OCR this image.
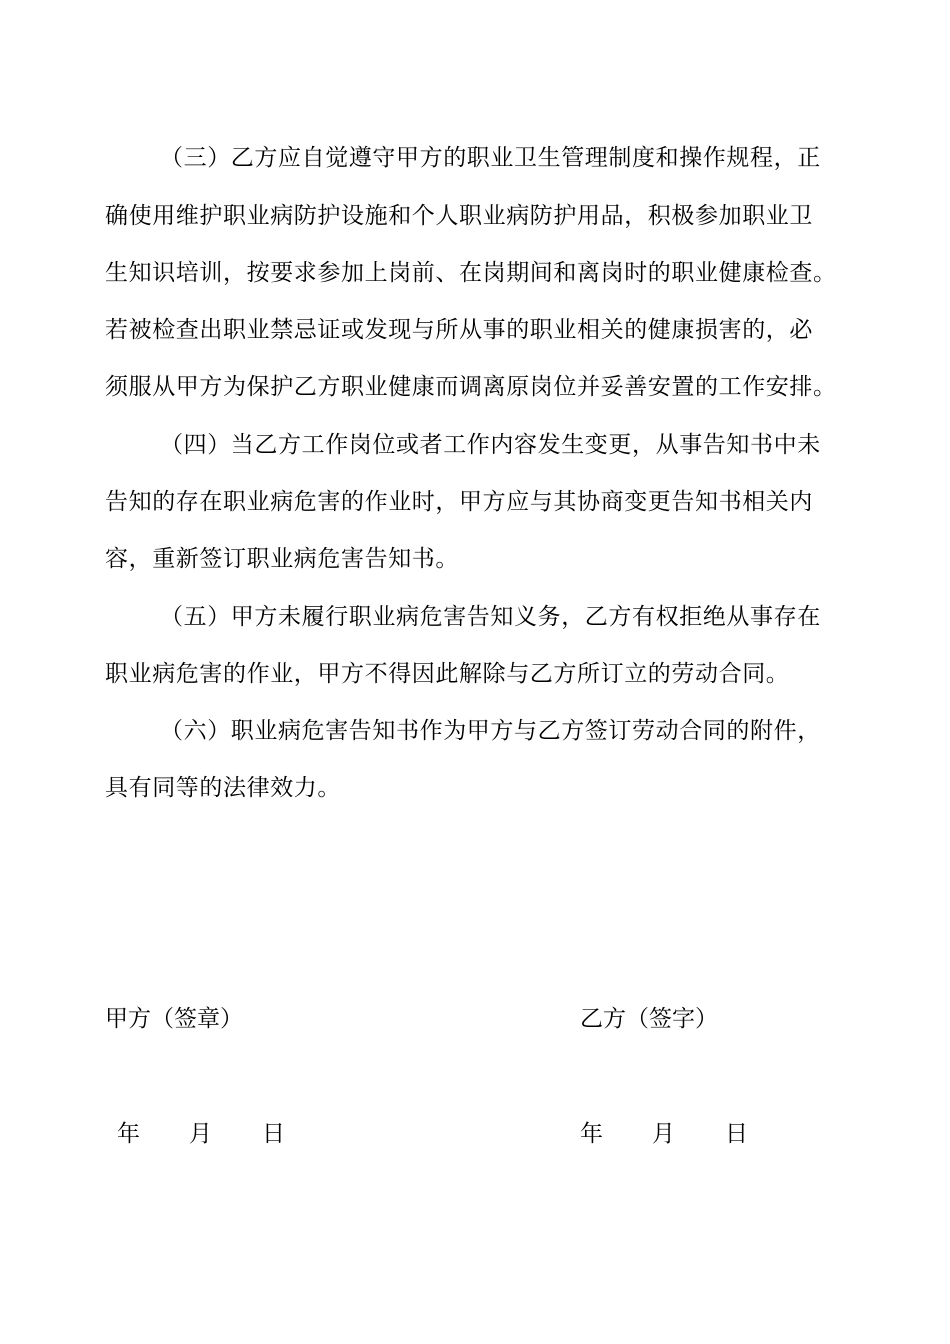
（三）乙方应自觉遵守甲方的职业卫生管理制度和操作规程，正
确使用维护职业病防护设施和个人职业病防护用品，积极参加职业卫
生知识培训，按要求参加上岗前、在岗期间和离岗时的职业健康检查。
若被检查出职业禁忌证或发现与所从事的职业相关的健康损害的，必
须服从甲方为保护乙方职业健康而调离原岗位并妥善安置的工作安排。
（四）当乙方工作岗位或者工作内容发生变更，从事告知书中未
告知的存在职业病危害的作业时，甲方应与其协商变更告知书相关内
容，重新签订职业病危害告知书。
（五）甲方未履行职业病危害告知义务，乙方有权拒绝从事存在
职业病危害的作业，甲方不得因此解除与乙方所订立的劳动合同。
（六）职业病危害告知书作为甲方与乙方签订劳动合同的附件，
具有同等的法律效力。
甲方（签章）
年 月 日
乙方（签字）
年 月 日
